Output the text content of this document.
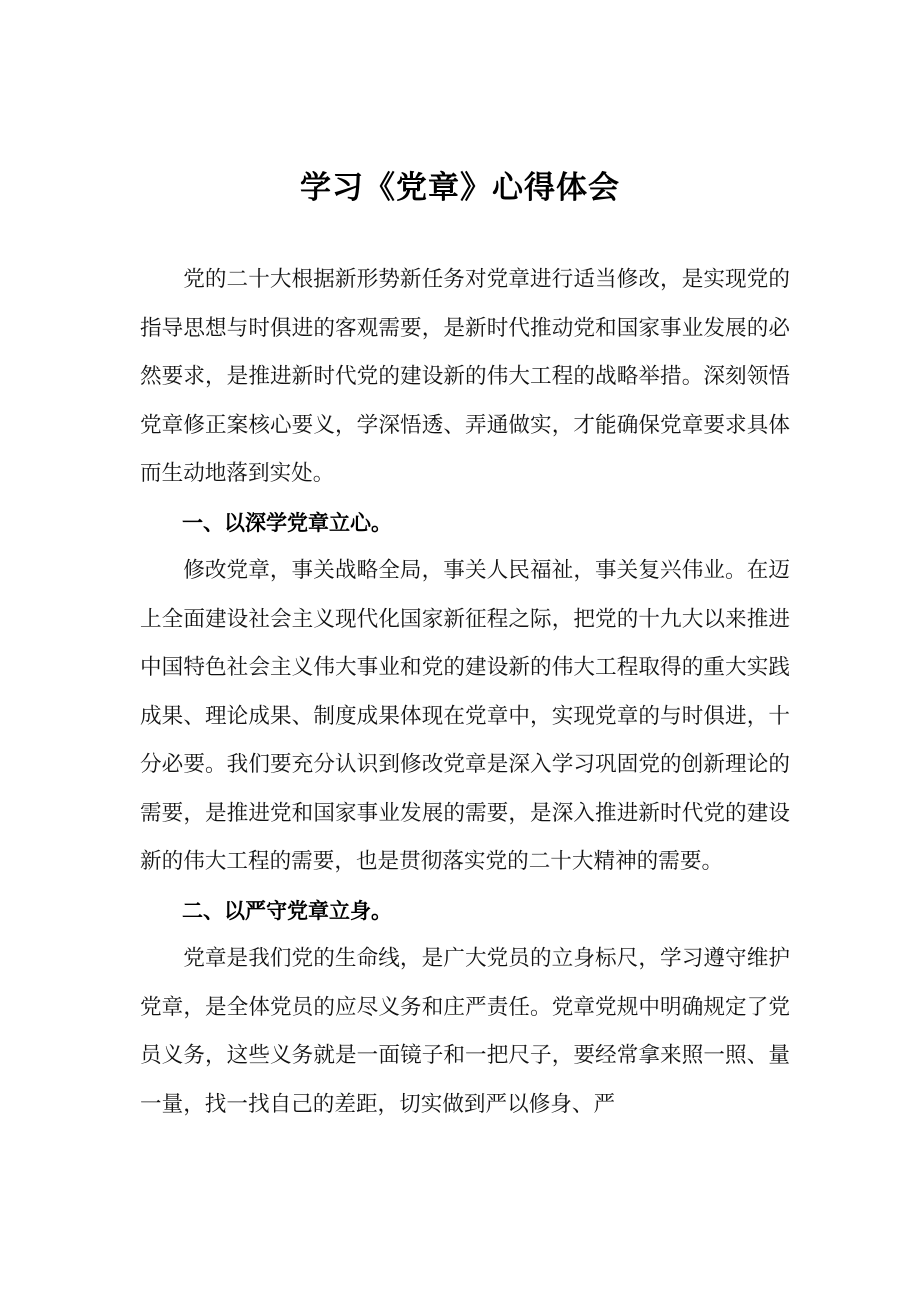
学习《党章》心得体会

党的二十大根据新形势新任务对党章进行适当修改，是实现党的指导思想与时俱进的客观需要，是新时代推动党和国家事业发展的必然要求，是推进新时代党的建设新的伟大工程的战略举措。深刻领悟党章修正案核心要义，学深悟透、弄通做实，才能确保党章要求具体而生动地落到实处。

一、以深学党章立心。

修改党章，事关战略全局，事关人民福祉，事关复兴伟业。在迈上全面建设社会主义现代化国家新征程之际，把党的十九大以来推进中国特色社会主义伟大事业和党的建设新的伟大工程取得的重大实践成果、理论成果、制度成果体现在党章中，实现党章的与时俱进，十分必要。我们要充分认识到修改党章是深入学习巩固党的创新理论的需要，是推进党和国家事业发展的需要，是深入推进新时代党的建设新的伟大工程的需要，也是贯彻落实党的二十大精神的需要。

二、以严守党章立身。

党章是我们党的生命线，是广大党员的立身标尺，学习遵守维护党章，是全体党员的应尽义务和庄严责任。党章党规中明确规定了党员义务，这些义务就是一面镜子和一把尺子，要经常拿来照一照、量一量，找一找自己的差距，切实做到严以修身、严
